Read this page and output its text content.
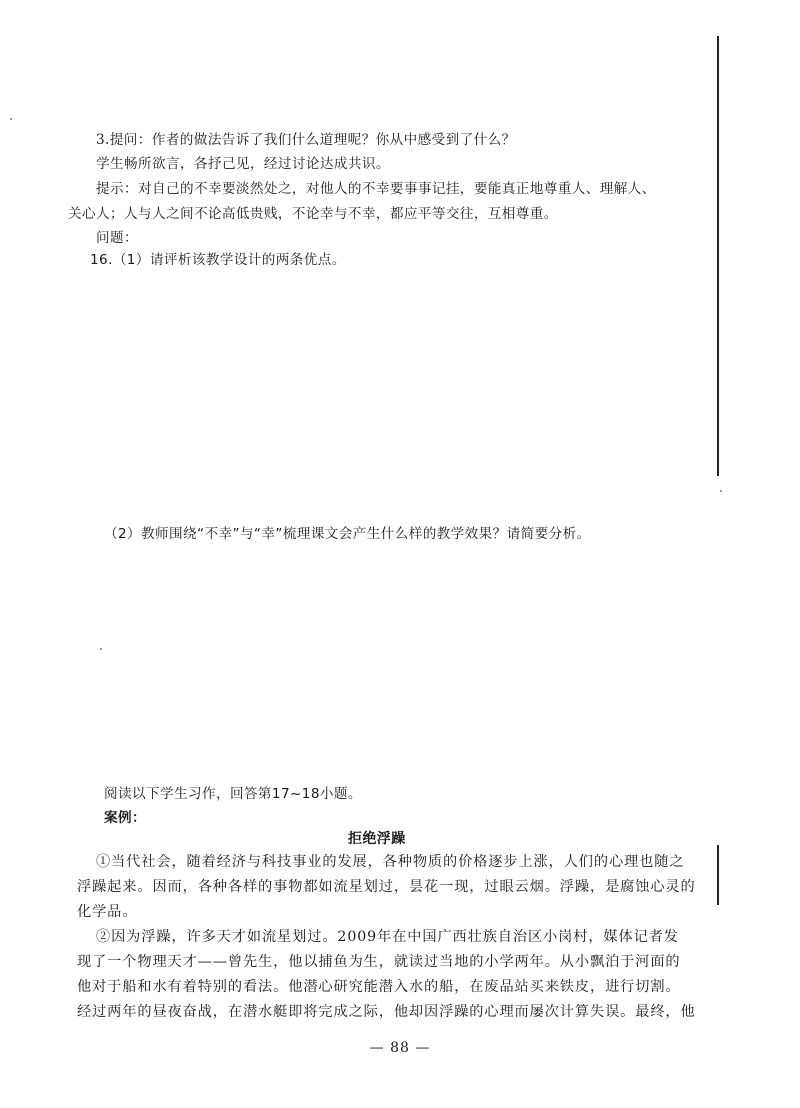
3.提问：作者的做法告诉了我们什么道理呢？你从中感受到了什么？
学生畅所欲言，各抒己见，经过讨论达成共识。
提示：对自己的不幸要淡然处之，对他人的不幸要事事记挂，要能真正地尊重人、理解人、
关心人；人与人之间不论高低贵贱，不论幸与不幸，都应平等交往，互相尊重。
问题：
16.（1）请评析该教学设计的两条优点。
（2）教师围绕“不幸”与“幸”梳理课文会产生什么样的教学效果？请简要分析。
阅读以下学生习作，回答第17~18小题。
案例：
拒绝浮躁
①当代社会，随着经济与科技事业的发展，各种物质的价格逐步上涨，人们的心理也随之
浮躁起来。因而，各种各样的事物都如流星划过，昙花一现，过眼云烟。浮躁，是腐蚀心灵的
化学品。
②因为浮躁，许多天才如流星划过。2009年在中国广西壮族自治区小岗村，媒体记者发
现了一个物理天才——曾先生，他以捕鱼为生，就读过当地的小学两年。从小飘泊于河面的
他对于船和水有着特别的看法。他潜心研究能潜入水的船，在废品站买来铁皮，进行切割。
经过两年的昼夜奋战，在潜水艇即将完成之际，他却因浮躁的心理而屡次计算失误。最终，他
— 88 —
